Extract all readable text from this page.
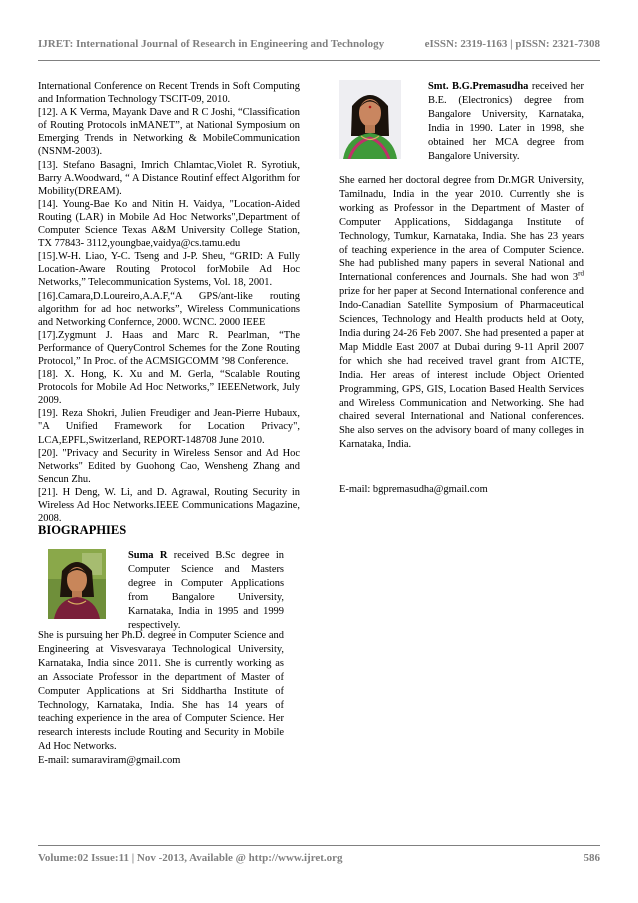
IJRET: International Journal of Research in Engineering and Technology	eISSN: 2319-1163 | pISSN: 2321-7308

International Conference on Recent Trends in Soft Computing and Information Technology TSCIT-09, 2010.

[12]. A K Verma, Mayank Dave and R C Joshi, “Classification of Routing Protocols inMANET”, at National Symposium on Emerging Trends in Networking & MobileCommunication (NSNM-2003).

[13]. Stefano Basagni, Imrich Chlamtac,Violet R. Syrotiuk, Barry A.Woodward, “ A Distance Routinf effect Algorithm for Mobility(DREAM).

[14]. Young-Bae Ko and Nitin H. Vaidya, "Location-Aided Routing (LAR) in Mobile Ad Hoc Networks",Department of Computer Science Texas A&M University College Station, TX 77843- 3112,youngbae,vaidya@cs.tamu.edu

[15].W-H. Liao, Y-C. Tseng and J-P. Sheu, “GRID: A Fully Location-Aware Routing Protocol forMobile Ad Hoc Networks,” Telecommunication Systems, Vol. 18, 2001.

[16].Camara,D.Loureiro,A.A.F,“A GPS/ant-like routing algorithm for ad hoc networks”, Wireless Communications and Networking Confernce, 2000. WCNC. 2000 IEEE

[17].Zygmunt J. Haas and Marc R. Pearlman, “The Performance of QueryControl Schemes for the Zone Routing Protocol,” In Proc. of the ACMSIGCOMM ’98 Conference.

[18]. X. Hong, K. Xu and M. Gerla, “Scalable Routing Protocols for Mobile Ad Hoc Networks,” IEEENetwork, July 2009.

[19]. Reza Shokri, Julien Freudiger and Jean-Pierre Hubaux, "A Unified Framework for Location Privacy", LCA,EPFL,Switzerland, REPORT-148708 June 2010.

[20]. "Privacy and Security in Wireless Sensor and Ad Hoc Networks" Edited by Guohong Cao, Wensheng Zhang and Sencun Zhu.

[21]. H Deng, W. Li, and D. Agrawal, Routing Security in Wireless Ad Hoc Networks.IEEE Communications Magazine, 2008.

BIOGRAPHIES
Suma R received B.Sc degree in Computer Science and Masters degree in Computer Applications from Bangalore University, Karnataka, India in 1995 and 1999 respectively.
She is pursuing her Ph.D. degree in Computer Science and Engineering at Visvesvaraya Technological University, Karnataka, India since 2011. She is currently working as an Associate Professor in the department of Master of Computer Applications at Sri Siddhartha Institute of Technology, Karnataka, India. She has 14 years of teaching experience in the area of Computer Science. Her research interests include Routing and Security in Mobile Ad Hoc Networks.
E-mail: sumaraviram@gmail.com
Smt. B.G.Premasudha received her B.E. (Electronics) degree from Bangalore University, Karnataka, India in 1990. Later in 1998, she obtained her MCA degree from Bangalore University.

She earned her doctoral degree from Dr.MGR University, Tamilnadu, India in the year 2010. Currently she is working as Professor in the Department of Master of Computer Applications, Siddaganga Institute of Technology, Tumkur, Karnataka, India. She has 23 years of teaching experience in the area of Computer Science. She had published many papers in several National and International conferences and Journals. She had won 3rd prize for her paper at Second International conference and Indo-Canadian Satellite Symposium of Pharmaceutical Sciences, Technology and Health products held at Ooty, India during 24-26 Feb 2007. She had presented a paper at Map Middle East 2007 at Dubai during 9-11 April 2007 for which she had received travel grant from AICTE, India. Her areas of interest include Object Oriented Programming, GPS, GIS, Location Based Health Services and Wireless Communication and Networking. She had chaired several International and National conferences. She also serves on the advisory board of many colleges in Karnataka, India.

E-mail: bgpremasudha@gmail.com
Volume:02 Issue:11 | Nov -2013, Available @ http://www.ijret.org	586
